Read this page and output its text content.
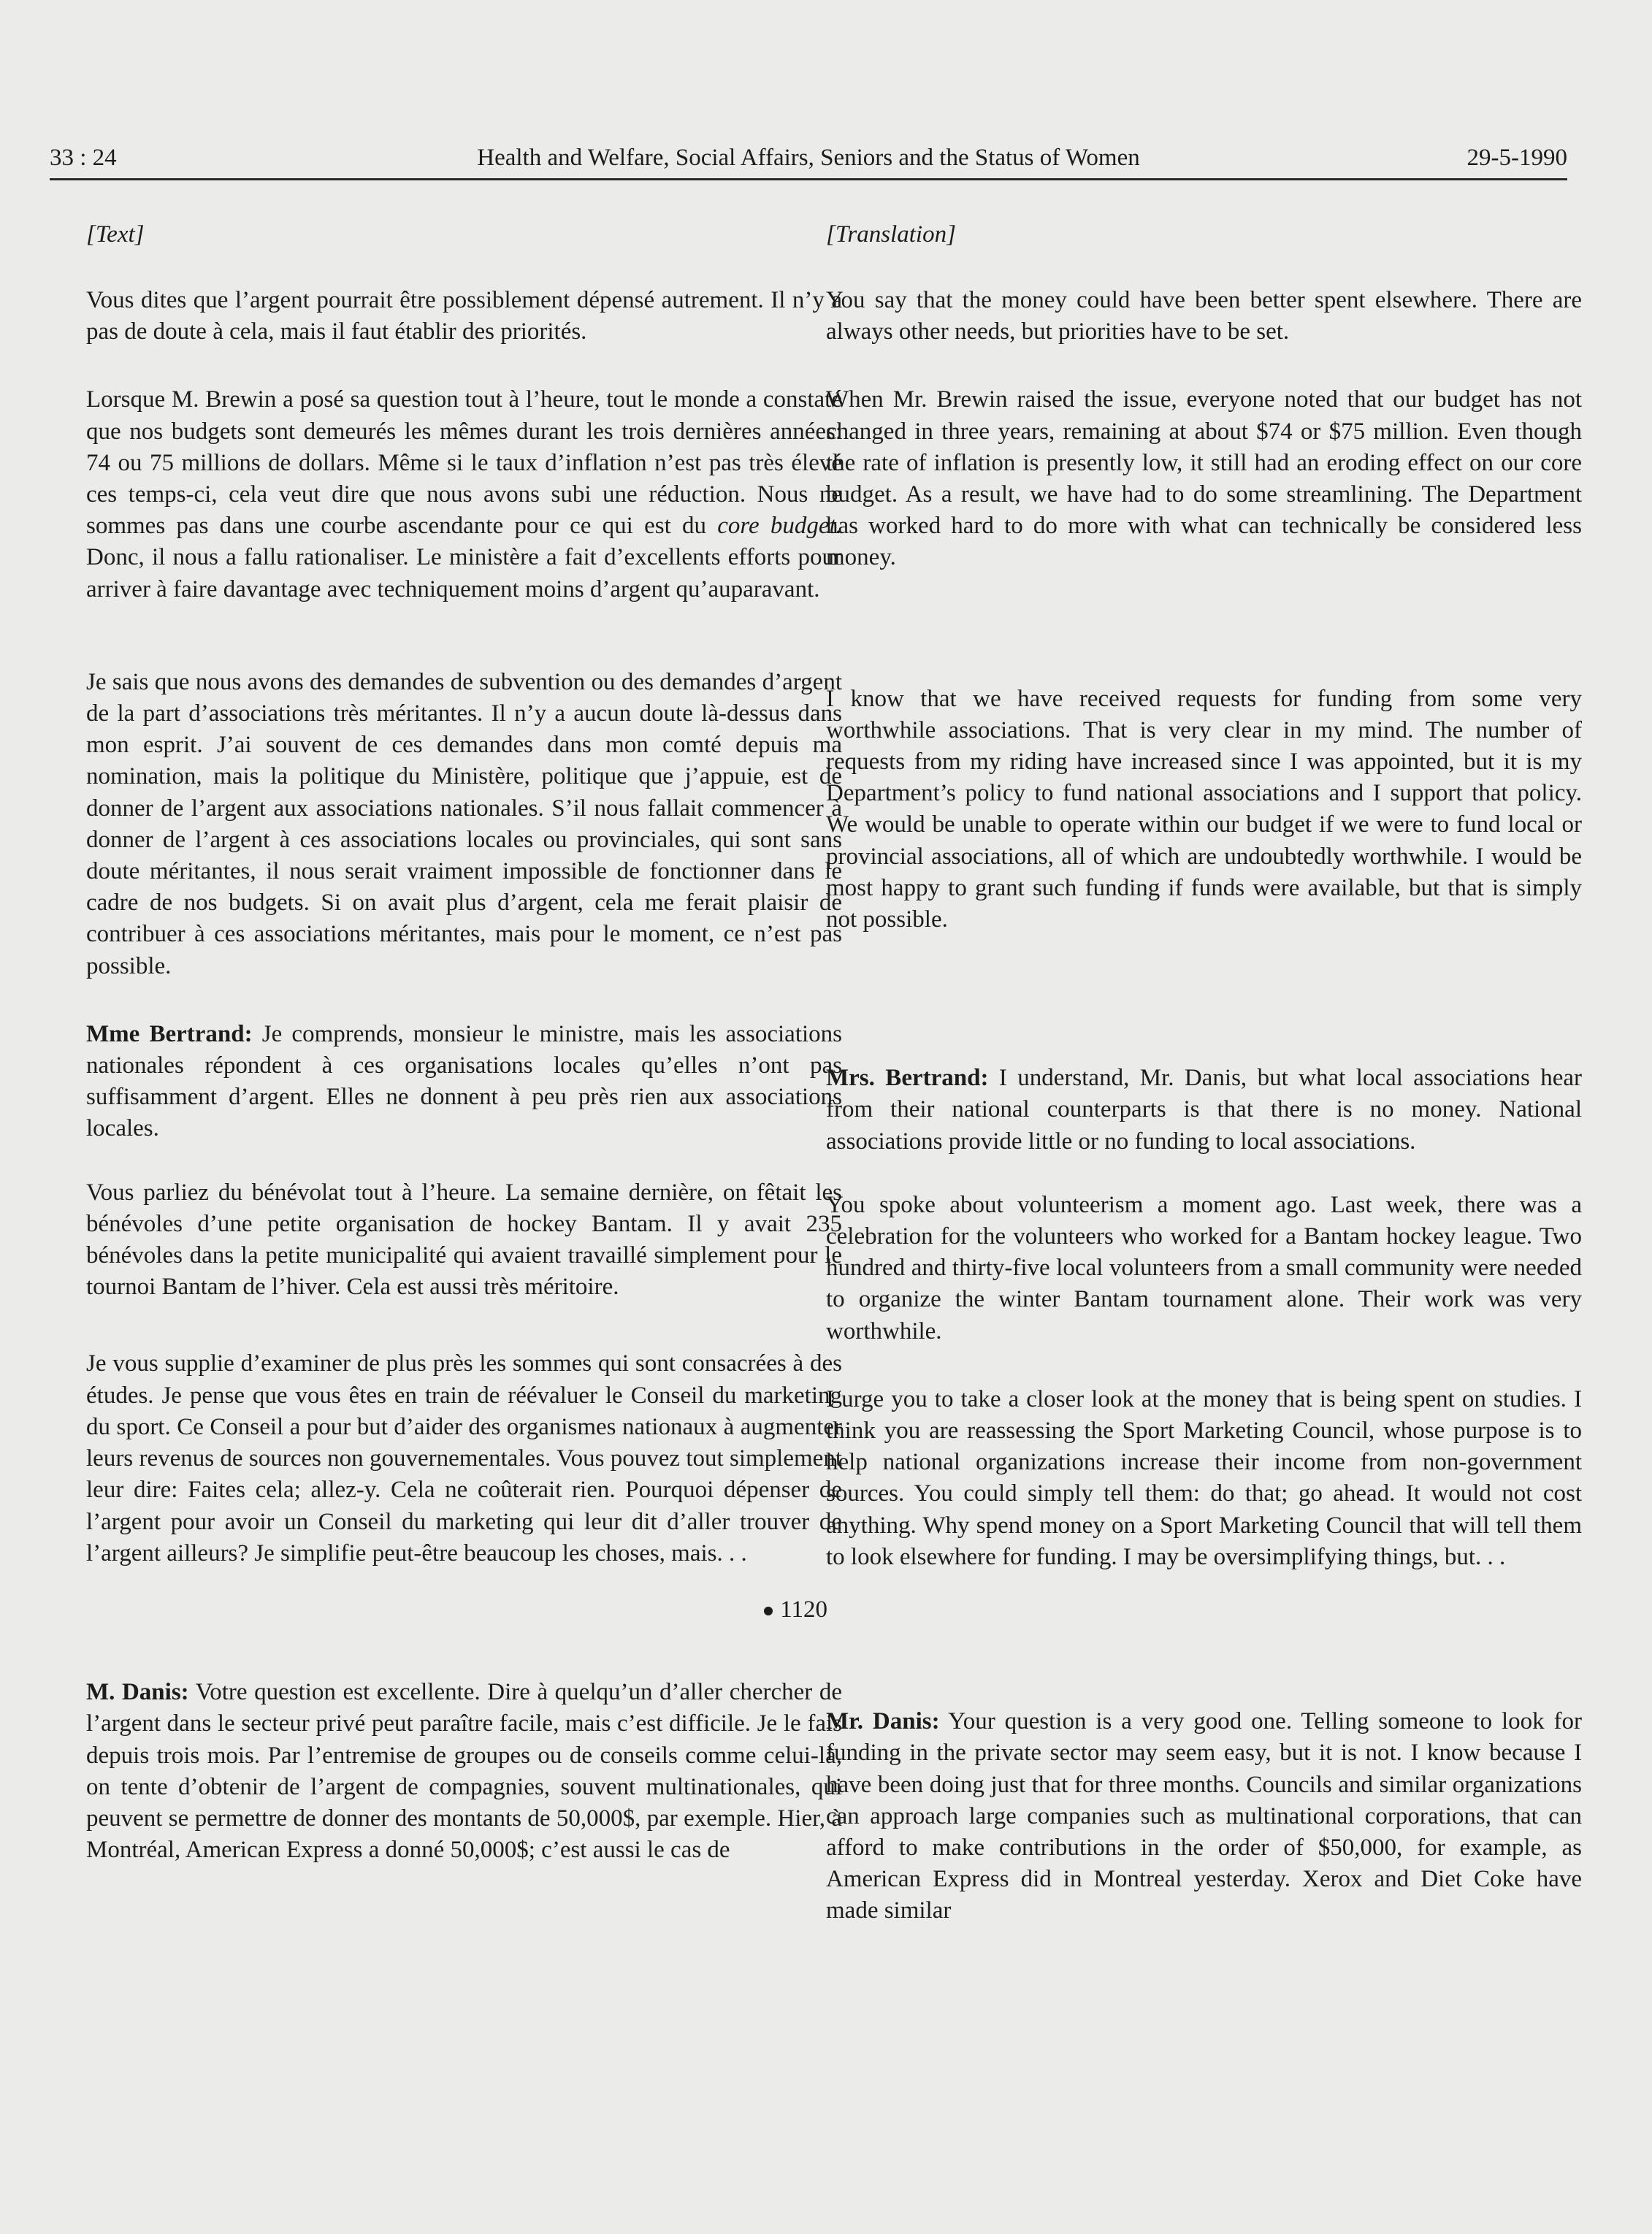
33 : 24	Health and Welfare, Social Affairs, Seniors and the Status of Women	29-5-1990

[Text]

Vous dites que l’argent pourrait être possiblement dépensé autrement. Il n’y a pas de doute à cela, mais il faut établir des priorités.

Lorsque M. Brewin a posé sa question tout à l’heure, tout le monde a constaté que nos budgets sont demeurés les mêmes durant les trois dernières années: 74 ou 75 millions de dollars. Même si le taux d’inflation n’est pas très élevé ces temps-ci, cela veut dire que nous avons subi une réduction. Nous ne sommes pas dans une courbe ascendante pour ce qui est du core budget. Donc, il nous a fallu rationaliser. Le ministère a fait d’excellents efforts pour arriver à faire davantage avec techniquement moins d’argent qu’auparavant.

Je sais que nous avons des demandes de subvention ou des demandes d’argent de la part d’associations très méritantes. Il n’y a aucun doute là-dessus dans mon esprit. J’ai souvent de ces demandes dans mon comté depuis ma nomination, mais la politique du Ministère, politique que j’appuie, est de donner de l’argent aux associations nationales. S’il nous fallait commencer à donner de l’argent à ces associations locales ou provinciales, qui sont sans doute méritantes, il nous serait vraiment impossible de fonctionner dans le cadre de nos budgets. Si on avait plus d’argent, cela me ferait plaisir de contribuer à ces associations méritantes, mais pour le moment, ce n’est pas possible.

Mme Bertrand: Je comprends, monsieur le ministre, mais les associations nationales répondent à ces organisations locales qu’elles n’ont pas suffisamment d’argent. Elles ne donnent à peu près rien aux associations locales.

Vous parliez du bénévolat tout à l’heure. La semaine dernière, on fêtait les bénévoles d’une petite organisation de hockey Bantam. Il y avait 235 bénévoles dans la petite municipalité qui avaient travaillé simplement pour le tournoi Bantam de l’hiver. Cela est aussi très méritoire.

Je vous supplie d’examiner de plus près les sommes qui sont consacrées à des études. Je pense que vous êtes en train de réévaluer le Conseil du marketing du sport. Ce Conseil a pour but d’aider des organismes nationaux à augmenter leurs revenus de sources non gouvernementales. Vous pouvez tout simplement leur dire: Faites cela; allez-y. Cela ne coûterait rien. Pourquoi dépenser de l’argent pour avoir un Conseil du marketing qui leur dit d’aller trouver de l’argent ailleurs? Je simplifie peut-être beaucoup les choses, mais. . .

1120

M. Danis: Votre question est excellente. Dire à quelqu’un d’aller chercher de l’argent dans le secteur privé peut paraître facile, mais c’est difficile. Je le fais depuis trois mois. Par l’entremise de groupes ou de conseils comme celui-là, on tente d’obtenir de l’argent de compagnies, souvent multinationales, qui peuvent se permettre de donner des montants de 50,000$, par exemple. Hier, à Montréal, American Express a donné 50,000$; c’est aussi le cas de

[Translation]

You say that the money could have been better spent elsewhere. There are always other needs, but priorities have to be set.

When Mr. Brewin raised the issue, everyone noted that our budget has not changed in three years, remaining at about $74 or $75 million. Even though the rate of inflation is presently low, it still had an eroding effect on our core budget. As a result, we have had to do some streamlining. The Department has worked hard to do more with what can technically be considered less money.

I know that we have received requests for funding from some very worthwhile associations. That is very clear in my mind. The number of requests from my riding have increased since I was appointed, but it is my Department’s policy to fund national associations and I support that policy. We would be unable to operate within our budget if we were to fund local or provincial associations, all of which are undoubtedly worthwhile. I would be most happy to grant such funding if funds were available, but that is simply not possible.

Mrs. Bertrand: I understand, Mr. Danis, but what local associations hear from their national counterparts is that there is no money. National associations provide little or no funding to local associations.

You spoke about volunteerism a moment ago. Last week, there was a celebration for the volunteers who worked for a Bantam hockey league. Two hundred and thirty-five local volunteers from a small community were needed to organize the winter Bantam tournament alone. Their work was very worthwhile.

I urge you to take a closer look at the money that is being spent on studies. I think you are reassessing the Sport Marketing Council, whose purpose is to help national organizations increase their income from non-government sources. You could simply tell them: do that; go ahead. It would not cost anything. Why spend money on a Sport Marketing Council that will tell them to look elsewhere for funding. I may be oversimplifying things, but. . .

Mr. Danis: Your question is a very good one. Telling someone to look for funding in the private sector may seem easy, but it is not. I know because I have been doing just that for three months. Councils and similar organizations can approach large companies such as multinational corporations, that can afford to make contributions in the order of $50,000, for example, as American Express did in Montreal yesterday. Xerox and Diet Coke have made similar
